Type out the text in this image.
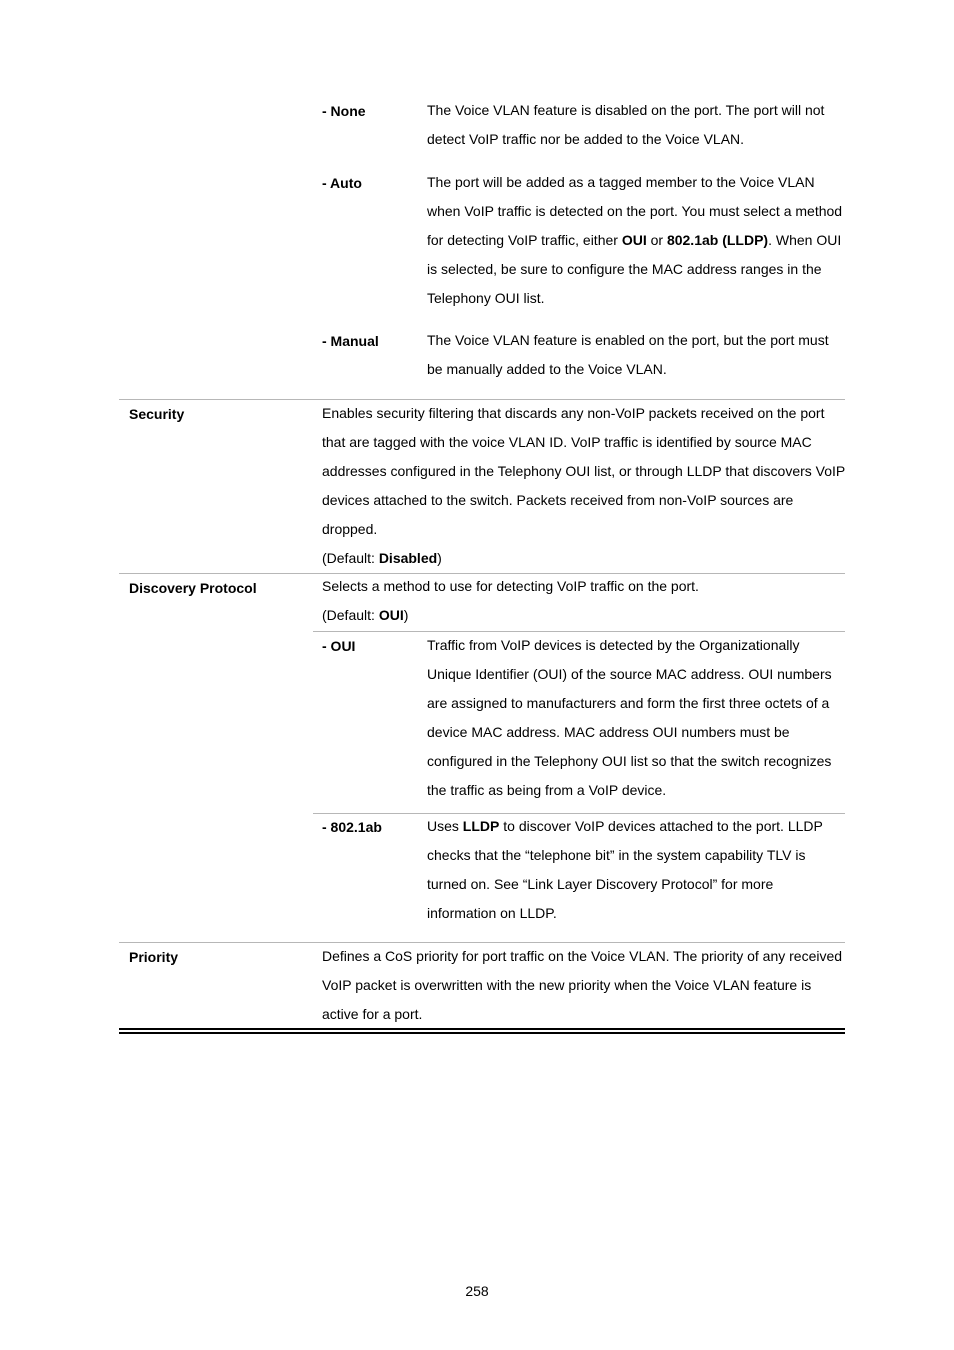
- None	The Voice VLAN feature is disabled on the port. The port will not detect VoIP traffic nor be added to the Voice VLAN.
- Auto	The port will be added as a tagged member to the Voice VLAN when VoIP traffic is detected on the port. You must select a method for detecting VoIP traffic, either OUI or 802.1ab (LLDP). When OUI is selected, be sure to configure the MAC address ranges in the Telephony OUI list.
- Manual	The Voice VLAN feature is enabled on the port, but the port must be manually added to the Voice VLAN.
Security	Enables security filtering that discards any non-VoIP packets received on the port that are tagged with the voice VLAN ID. VoIP traffic is identified by source MAC addresses configured in the Telephony OUI list, or through LLDP that discovers VoIP devices attached to the switch. Packets received from non-VoIP sources are dropped.
(Default: Disabled)
Discovery Protocol	Selects a method to use for detecting VoIP traffic on the port.
(Default: OUI)
- OUI	Traffic from VoIP devices is detected by the Organizationally Unique Identifier (OUI) of the source MAC address. OUI numbers are assigned to manufacturers and form the first three octets of a device MAC address. MAC address OUI numbers must be configured in the Telephony OUI list so that the switch recognizes the traffic as being from a VoIP device.
- 802.1ab	Uses LLDP to discover VoIP devices attached to the port. LLDP checks that the “telephone bit” in the system capability TLV is turned on. See “Link Layer Discovery Protocol” for more information on LLDP.
Priority	Defines a CoS priority for port traffic on the Voice VLAN. The priority of any received VoIP packet is overwritten with the new priority when the Voice VLAN feature is active for a port.
258
